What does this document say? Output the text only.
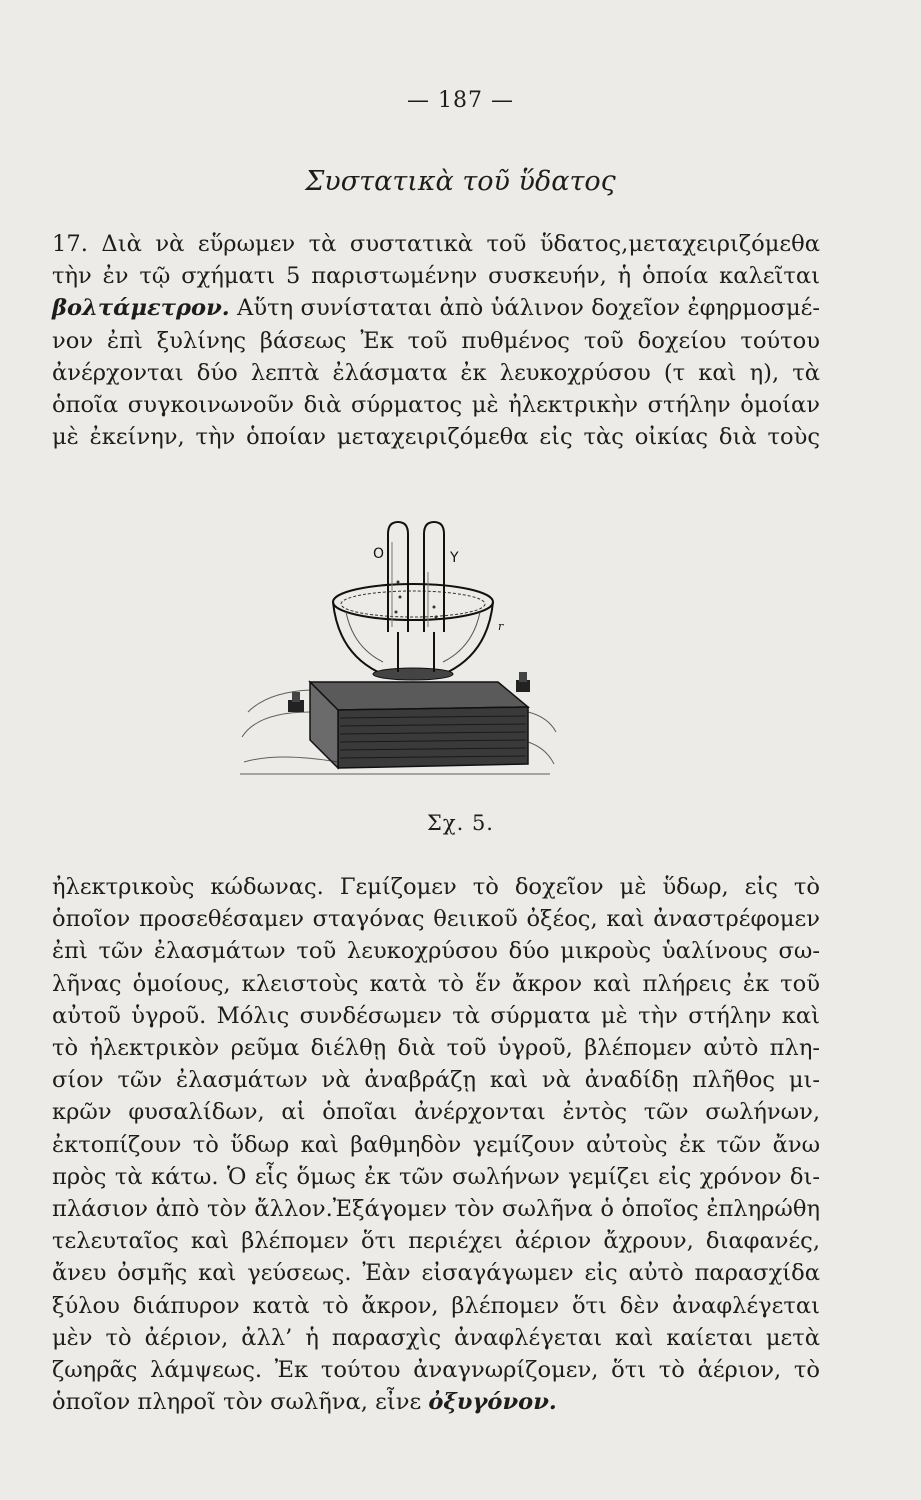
— 187 —
Συστατικὰ τοῦ ὕδατος
17. Διὰ νὰ εὕρωμεν τὰ συστατικὰ τοῦ ὕδατος,μεταχειριζόμεθα
τὴν ἐν τῷ σχήματι 5 παριστωμένην συσκευήν, ἡ ὁποία καλεῖται
βολτάμετρον. Αὕτη συνίσταται ἀπὸ ὑάλινον δοχεῖον ἐφηρμοσμέ-
νον ἐπὶ ξυλίνης βάσεως Ἐκ τοῦ πυθμένος τοῦ δοχείου τούτου
ἀνέρχονται δύο λεπτὰ ἐλάσματα ἐκ λευκοχρύσου (τ καὶ η), τὰ
ὁποῖα συγκοινωνοῦν διὰ σύρματος μὲ ἠλεκτρικὴν στήλην ὁμοίαν
μὲ ἐκείνην, τὴν ὁποίαν μεταχειριζόμεθα εἰς τὰς οἰκίας διὰ τοὺς
O	Y
r
Σχ. 5.
ἠλεκτρικοὺς κώδωνας. Γεμίζομεν τὸ δοχεῖον μὲ ὕδωρ, εἰς τὸ
ὁποῖον προσεθέσαμεν σταγόνας θειικοῦ ὀξέος, καὶ ἀναστρέφομεν
ἐπὶ τῶν ἐλασμάτων τοῦ λευκοχρύσου δύο μικροὺς ὑαλίνους σω-
λῆνας ὁμοίους, κλειστοὺς κατὰ τὸ ἕν ἄκρον καὶ πλήρεις ἐκ τοῦ
αὐτοῦ ὑγροῦ. Μόλις συνδέσωμεν τὰ σύρματα μὲ τὴν στήλην καὶ
τὸ ἠλεκτρικὸν ρεῦμα διέλθῃ διὰ τοῦ ὑγροῦ, βλέπομεν αὐτὸ πλη-
σίον τῶν ἐλασμάτων νὰ ἀναβράζῃ καὶ νὰ ἀναδίδῃ πλῆθος μι-
κρῶν φυσαλίδων, αἱ ὁποῖαι ἀνέρχονται ἐντὸς τῶν σωλήνων,
ἐκτοπίζουν τὸ ὕδωρ καὶ βαθμηδὸν γεμίζουν αὐτοὺς ἐκ τῶν ἄνω
πρὸς τὰ κάτω. Ὁ εἷς ὅμως ἐκ τῶν σωλήνων γεμίζει εἰς χρόνον δι-
πλάσιον ἀπὸ τὸν ἄλλον.Ἐξάγομεν τὸν σωλῆνα ὁ ὁποῖος ἐπληρώθη
τελευταῖος καὶ βλέπομεν ὅτι περιέχει ἀέριον ἄχρουν, διαφανές,
ἄνευ ὀσμῆς καὶ γεύσεως. Ἐὰν εἰσαγάγωμεν εἰς αὐτὸ παρασχίδα
ξύλου διάπυρον κατὰ τὸ ἄκρον, βλέπομεν ὅτι δὲν ἀναφλέγεται
μὲν τὸ ἀέριον, ἀλλ’ ἡ παρασχὶς ἀναφλέγεται καὶ καίεται μετὰ
ζωηρᾶς λάμψεως. Ἐκ τούτου ἀναγνωρίζομεν, ὅτι τὸ ἀέριον, τὸ
ὁποῖον πληροῖ τὸν σωλῆνα, εἶνε ὀξυγόνον.
